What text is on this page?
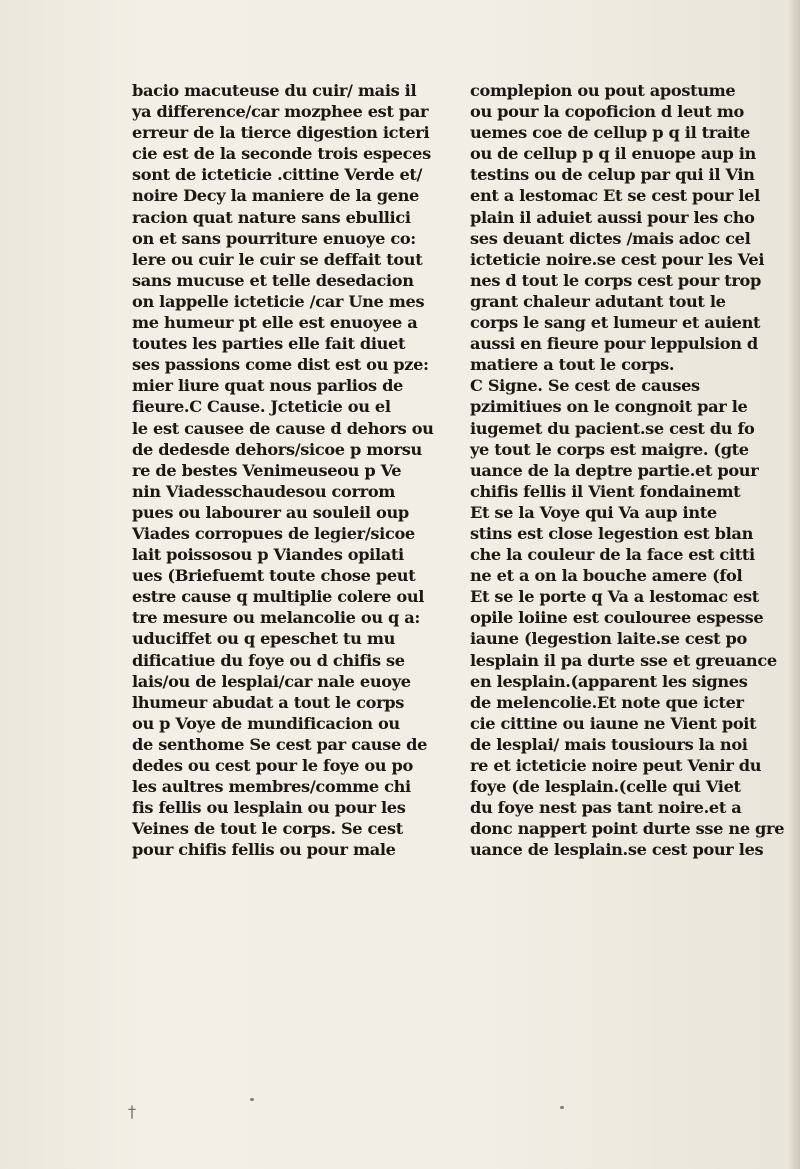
bacio macuteuse du cuir/ mais il
ya difference/car mozphee est par
erreur de la tierce digestion icteri
cie est de la seconde trois especes
sont de icteticie .cittine Verde et/
noire Decy la maniere de la gene
racion quat nature sans ebullici
on et sans pourriture enuoye co:
lere ou cuir le cuir se deffait tout
sans mucuse et telle desedacion
on lappelle icteticie /car Une mes
me humeur pt elle est enuoyee a
toutes les parties elle fait diuet
ses passions come dist est ou pze:
mier liure quat nous parlios de
fieure.C Cause. Jcteticie ou el
le est causee de cause d dehors ou
de dedesde dehors/sicoe p morsu
re de bestes Venimeuseou p Ve
nin Viadesschaudesou corrom
pues ou labourer au souleil oup
Viades corropues de legier/sicoe
lait poissosou p Viandes opilati
ues (Briefuemt toute chose peut
estre cause q multiplie colere oul
tre mesure ou melancolie ou q a:
uduciffet ou q epeschet tu mu
dificatiue du foye ou d chifis se
lais/ou de lesplai/car nale euoye
lhumeur abudat a tout le corps
ou p Voye de mundificacion ou
de senthome Se cest par cause de
dedes ou cest pour le foye ou po
les aultres membres/comme chi
fis fellis ou lesplain ou pour les
Veines de tout le corps. Se cest
pour chifis fellis ou pour male
complepion ou pout apostume
ou pour la copoficion d leut mo
uemes coe de cellup p q il traite
ou de cellup p q il enuope aup in
testins ou de celup par qui il Vin
ent a lestomac Et se cest pour lel
plain il aduiet aussi pour les cho
ses deuant dictes /mais adoc cel
icteticie noire.se cest pour les Vei
nes d tout le corps cest pour trop
grant chaleur adutant tout le
corps le sang et lumeur et auient
aussi en fieure pour leppulsion d
matiere a tout le corps.
C Signe. Se cest de causes
pzimitiues on le congnoit par le
iugemet du pacient.se cest du fo
ye tout le corps est maigre. (gte
uance de la deptre partie.et pour
chifis fellis il Vient fondainemt
Et se la Voye qui Va aup inte
stins est close legestion est blan
che la couleur de la face est citti
ne et a on la bouche amere (fol
Et se le porte q Va a lestomac est
opile loiine est coulouree espesse
iaune (legestion laite.se cest po
lesplain il pa durte sse et greuance
en lesplain.(apparent les signes
de melencolie.Et note que icter
cie cittine ou iaune ne Vient poit
de lesplai/ mais tousiours la noi
re et icteticie noire peut Venir du
foye (de lesplain.(celle qui Viet
du foye nest pas tant noire.et a
donc nappert point durte sse ne gre
uance de lesplain.se cest pour les
†
